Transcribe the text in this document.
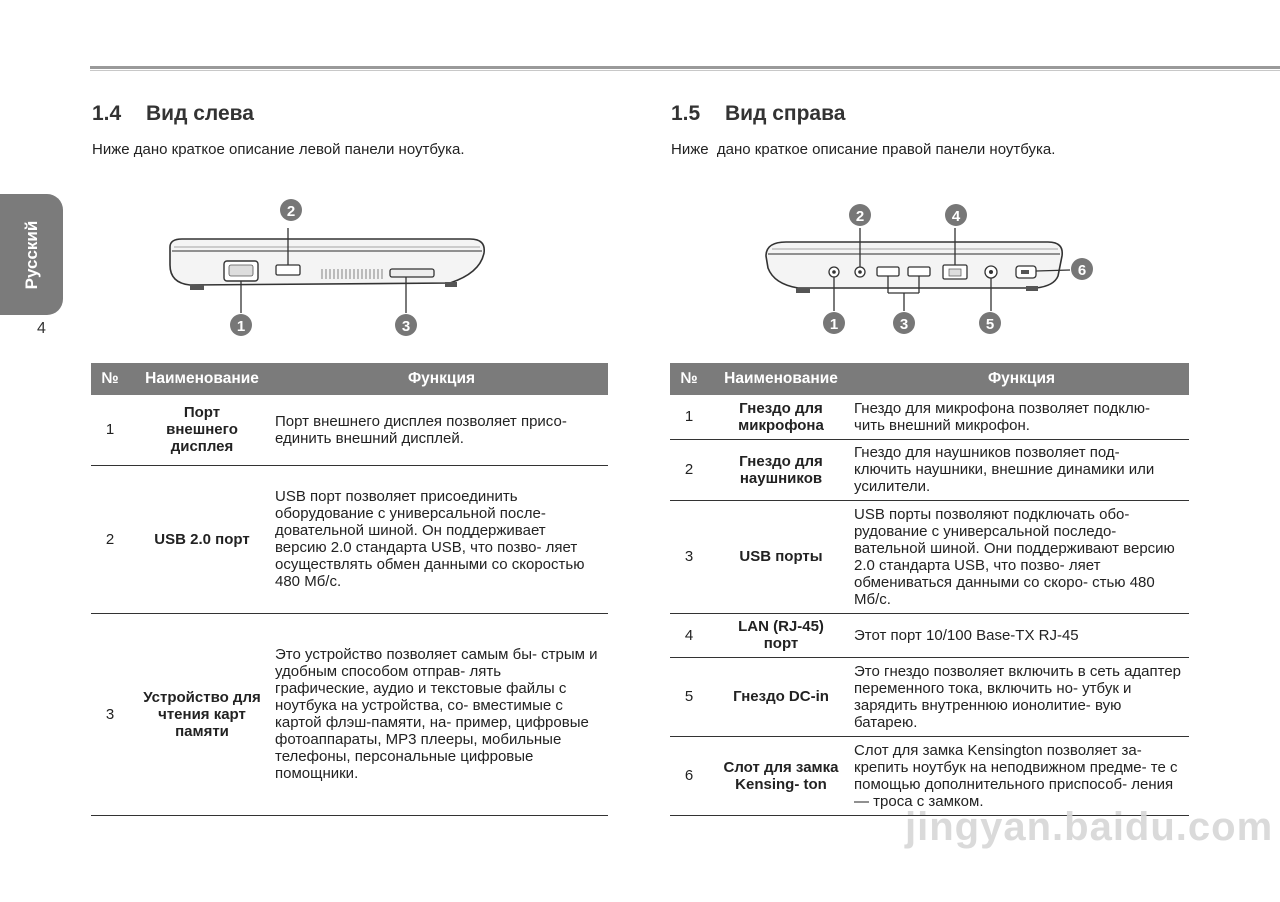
Русский
4
1.4 Вид слева
Ниже дано краткое описание левой панели ноутбука.
1
2
3
№	Наименование	Функция
1	Порт внешнего дисплея	Порт внешнего дисплея позволяет присо- единить внешний дисплей.
2	USB 2.0 порт	USB порт позволяет присоединить оборудование с универсальной после- довательной шиной. Он поддерживает версию 2.0 стандарта USB, что позво- ляет осуществлять обмен данными со скоростью 480 Мб/с.
3	Устройство для чтения карт памяти	Это устройство позволяет самым бы- стрым и удобным способом отправ- лять графические, аудио и текстовые файлы с ноутбука на устройства, со- вместимые с картой флэш-памяти, на- пример, цифровые фотоаппараты, MP3 плееры, мобильные телефоны, персональные цифровые помощники.
1.5 Вид справа
Ниже  дано краткое описание правой панели ноутбука.
1
2
3
4
5
6
№	Наименование	Функция
1	Гнездо для микрофона	Гнездо для микрофона позволяет подклю- чить внешний микрофон.
2	Гнездо для наушников	Гнездо для наушников позволяет под- ключить наушники, внешние динамики или усилители.
3	USB порты	USB порты позволяют подключать обо- рудование с универсальной последо- вательной шиной. Они поддерживают версию 2.0 стандарта USB, что позво- ляет обмениваться данными со скоро- стью 480 Мб/с.
4	LAN (RJ-45) порт	Этот порт 10/100 Base-TX RJ-45
5	Гнездо DC-in	Это гнездо позволяет включить в сеть адаптер переменного тока, включить но- утбук и зарядить внутреннюю ионолитие- вую батарею.
6	Слот для замка Kensing- ton	Слот для замка Kensington позволяет за- крепить ноутбук на неподвижном предме- те с помощью дополнительного приспособ- ления — троса с замком.
jingyan.baidu.com
